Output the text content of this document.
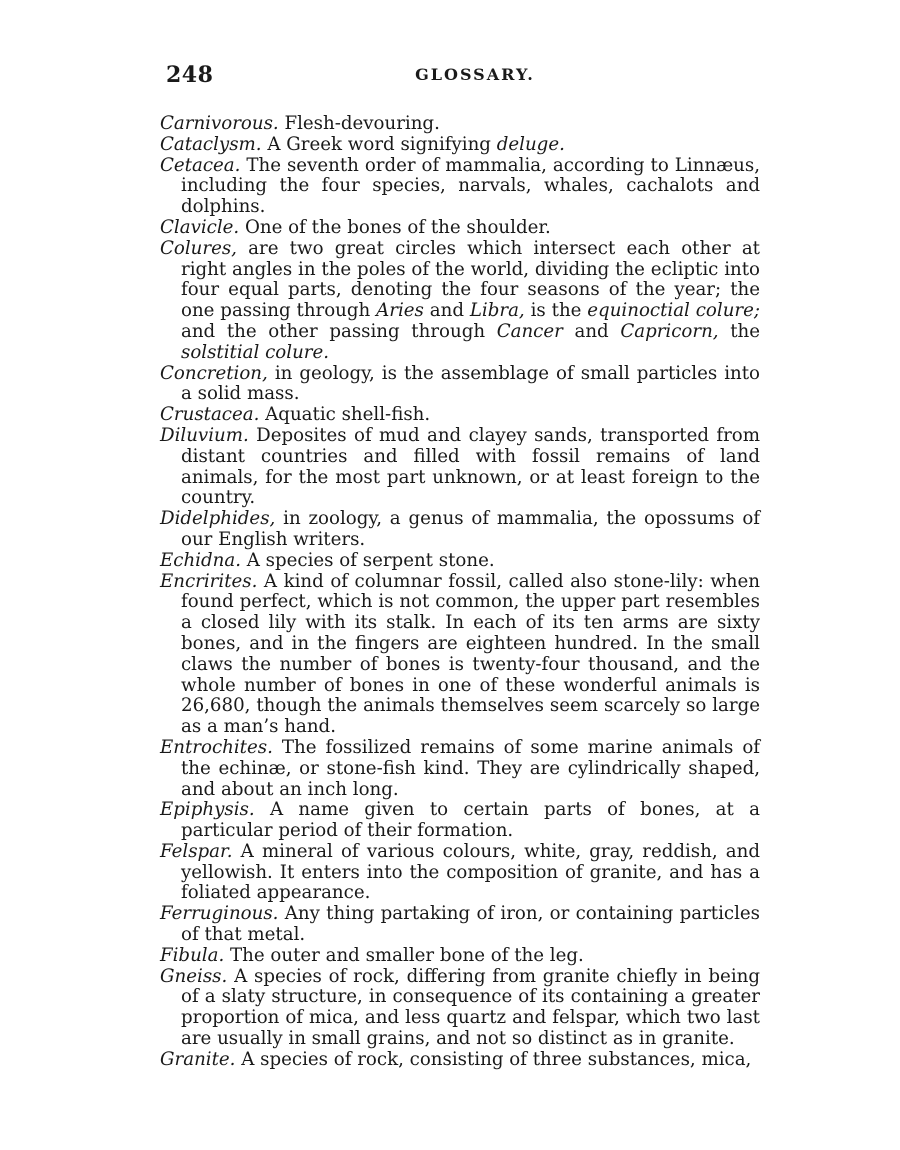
248	GLOSSARY.

Carnivorous. Flesh-devouring.

Cataclysm. A Greek word signifying deluge.

Cetacea. The seventh order of mammalia, according to Linnæus, including the four species, narvals, whales, cachalots and dolphins.

Clavicle. One of the bones of the shoulder.

Colures, are two great circles which intersect each other at right angles in the poles of the world, dividing the ecliptic into four equal parts, denoting the four seasons of the year; the one passing through Aries and Libra, is the equinoctial colure; and the other passing through Cancer and Capricorn, the solstitial colure.

Concretion, in geology, is the assemblage of small particles into a solid mass.

Crustacea. Aquatic shell-fish.

Diluvium. Deposites of mud and clayey sands, transported from distant countries and filled with fossil remains of land animals, for the most part unknown, or at least foreign to the country.

Didelphides, in zoology, a genus of mammalia, the opossums of our English writers.

Echidna. A species of serpent stone.

Encrirites. A kind of columnar fossil, called also stone-lily: when found perfect, which is not common, the upper part resembles a closed lily with its stalk. In each of its ten arms are sixty bones, and in the fingers are eighteen hundred. In the small claws the number of bones is twenty-four thousand, and the whole number of bones in one of these wonderful animals is 26,680, though the animals themselves seem scarcely so large as a man’s hand.

Entrochites. The fossilized remains of some marine animals of the echinæ, or stone-fish kind. They are cylindrically shaped, and about an inch long.

Epiphysis. A name given to certain parts of bones, at a particular period of their formation.

Felspar. A mineral of various colours, white, gray, reddish, and yellowish. It enters into the composition of granite, and has a foliated appearance.

Ferruginous. Any thing partaking of iron, or containing particles of that metal.

Fibula. The outer and smaller bone of the leg.

Gneiss. A species of rock, differing from granite chiefly in being of a slaty structure, in consequence of its containing a greater proportion of mica, and less quartz and felspar, which two last are usually in small grains, and not so distinct as in granite.

Granite. A species of rock, consisting of three substances, mica,
